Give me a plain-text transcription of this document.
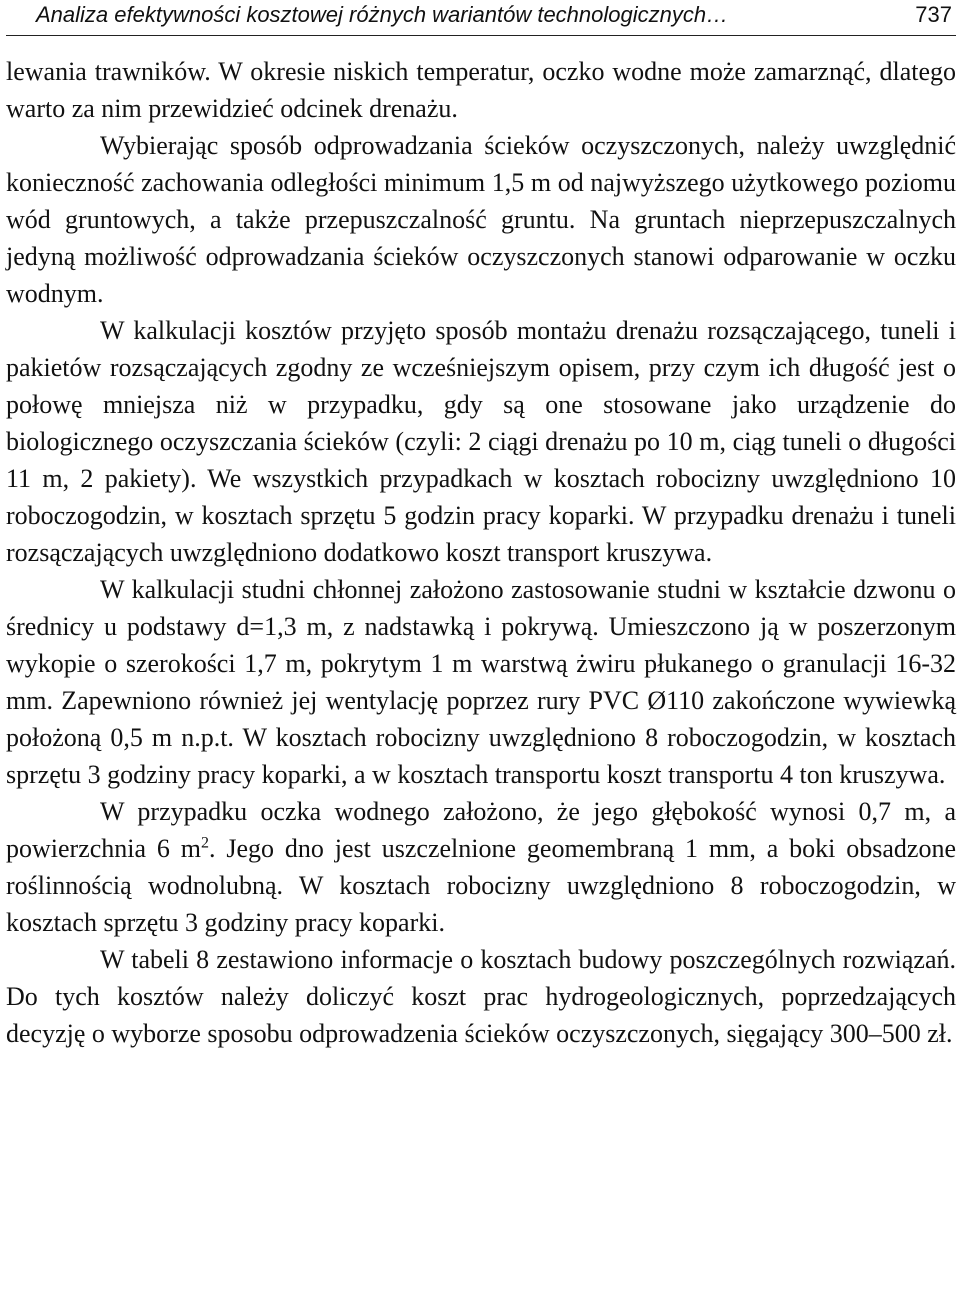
Analiza efektywności kosztowej różnych wariantów technologicznych…	737

lewania trawników. W okresie niskich temperatur, oczko wodne może zamarznąć, dlatego warto za nim przewidzieć odcinek drenażu.

Wybierając sposób odprowadzania ścieków oczyszczonych, należy uwzględnić konieczność zachowania odległości minimum 1,5 m od najwyższego użytkowego poziomu wód gruntowych, a także przepuszczalność gruntu. Na gruntach nieprzepuszczalnych jedyną możliwość odprowadzania ścieków oczyszczonych stanowi odparowanie w oczku wodnym.

W kalkulacji kosztów przyjęto sposób montażu drenażu rozsączającego, tuneli i pakietów rozsączających zgodny ze wcześniejszym opisem, przy czym ich długość jest o połowę mniejsza niż w przypadku, gdy są one stosowane jako urządzenie do biologicznego oczyszczania ścieków (czyli: 2 ciągi drenażu po 10 m, ciąg tuneli o długości 11 m, 2 pakiety). We wszystkich przypadkach w kosztach robocizny uwzględniono 10 roboczogodzin, w kosztach sprzętu 5 godzin pracy koparki. W przypadku drenażu i tuneli rozsączających uwzględniono dodatkowo koszt transport kruszywa.

W kalkulacji studni chłonnej założono zastosowanie studni w kształcie dzwonu o średnicy u podstawy d=1,3 m, z nadstawką i pokrywą. Umieszczono ją w poszerzonym wykopie o szerokości 1,7 m, pokrytym 1 m warstwą żwiru płukanego o granulacji 16-32 mm. Zapewniono również jej wentylację poprzez rury PVC Ø110 zakończone wywiewką położoną 0,5 m n.p.t. W kosztach robocizny uwzględniono 8 roboczogodzin, w kosztach sprzętu 3 godziny pracy koparki, a w kosztach transportu koszt transportu 4 ton kruszywa.

W przypadku oczka wodnego założono, że jego głębokość wynosi 0,7 m, a powierzchnia 6 $m^2$. Jego dno jest uszczelnione geomembraną 1 mm, a boki obsadzone roślinnością wodnolubną. W kosztach robocizny uwzględniono 8 roboczogodzin, w kosztach sprzętu 3 godziny pracy koparki.

W tabeli 8 zestawiono informacje o kosztach budowy poszczególnych rozwiązań. Do tych kosztów należy doliczyć koszt prac hydrogeologicznych, poprzedzających decyzję o wyborze sposobu odprowadzenia ścieków oczyszczonych, sięgający 300–500 zł.
